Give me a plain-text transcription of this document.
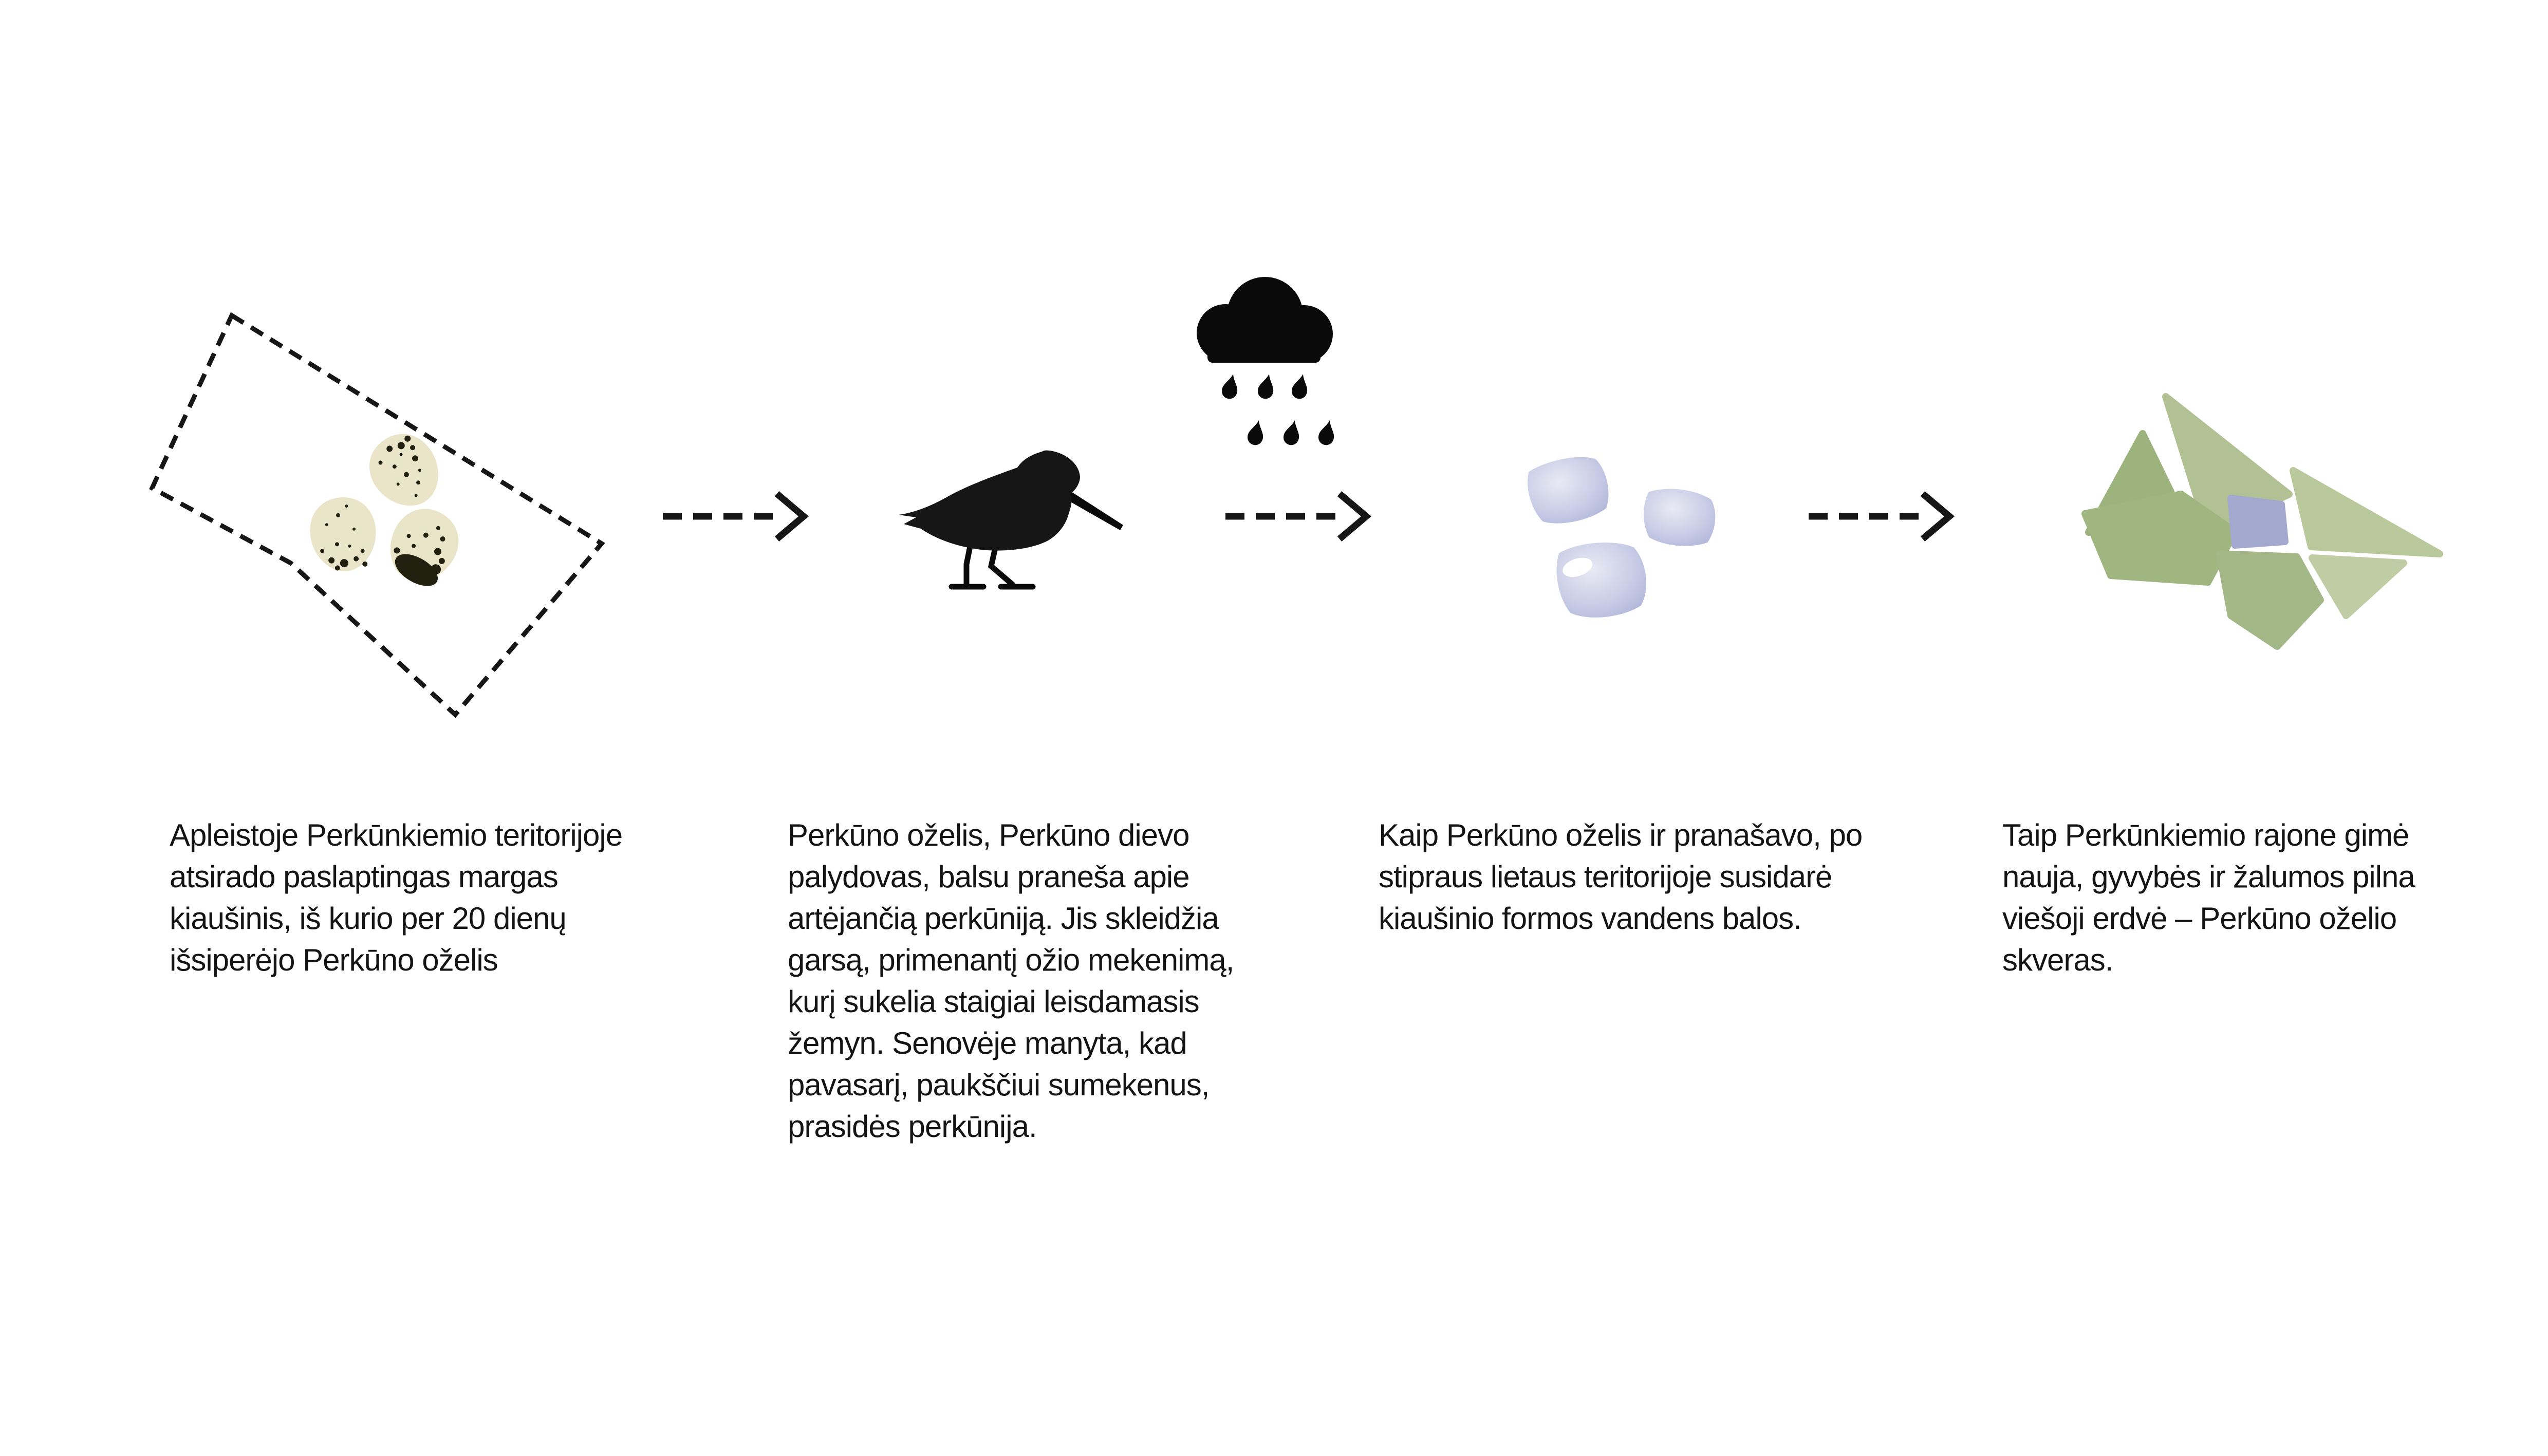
Apleistoje Perkūnkiemio teritorijoje atsirado paslaptingas margas kiaušinis, iš kurio per 20 dienų išsiperėjo Perkūno oželis
Perkūno oželis, Perkūno dievo palydovas, balsu praneša apie artėjančią perkūniją. Jis skleidžia garsą, primenantį ožio mekenimą, kurį sukelia staigiai leisdamasis žemyn. Senovėje manyta, kad pavasarį, paukščiui sumekenus, prasidės perkūnija.
Kaip Perkūno oželis ir pranašavo, po stipraus lietaus teritorijoje susidarė kiaušinio formos vandens balos.
Taip Perkūnkiemio rajone gimė nauja, gyvybės ir žalumos pilna viešoji erdvė – Perkūno oželio skveras.
